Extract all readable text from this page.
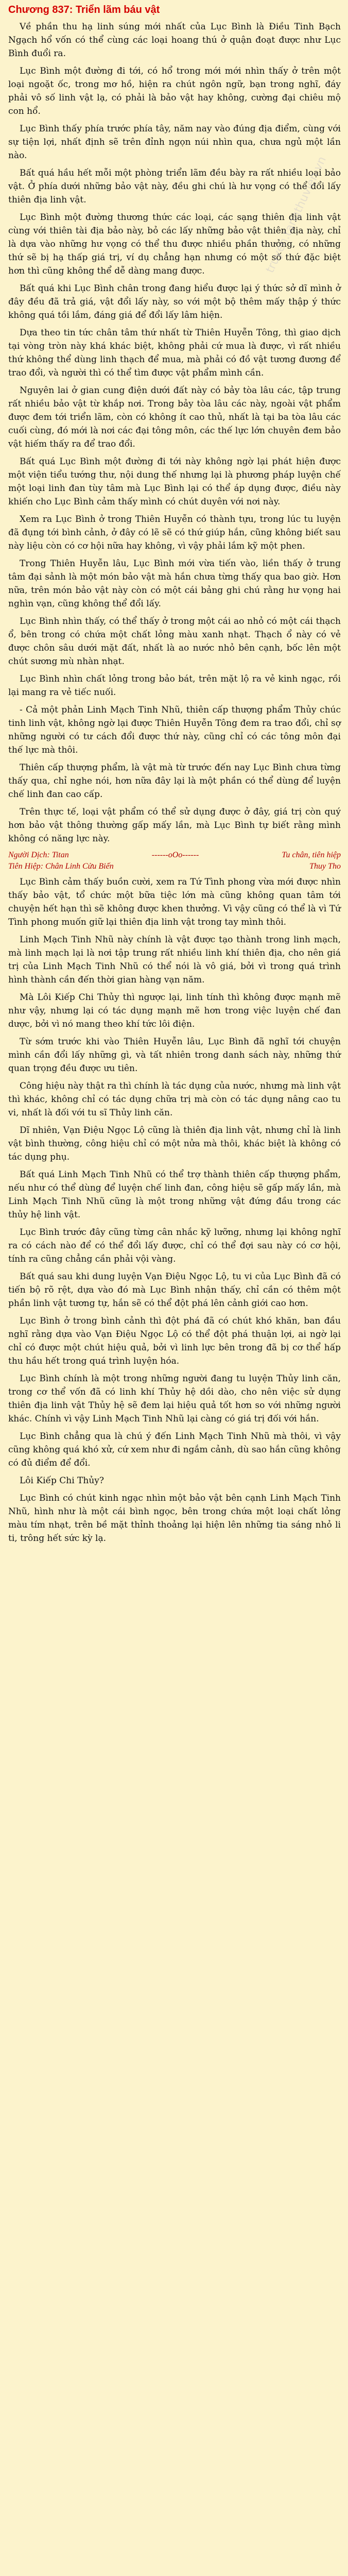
Chương 837: Triển lãm báu vật

Về phần thu hạ linh súng mới nhất của Lục Bình là Điều Tinh Bạch Ngạch hổ vốn có thể cùng các loại hoang thú ở quận đoạt được như Lục Bình đuổi ra.

Lục Bình một đường đi tới, có hổ trong mới mới nhìn thấy ở trên một loại ngoặt ốc, trong mơ hồ, hiện ra chút ngôn ngữ, bạn trong nghĩ, đáy phải vô số linh vật lạ, có phải là bảo vật hay không, cường đại chiêu mộ con hổ.

Lục Bình thấy phía trước phía tây, năm nay vào đúng địa điểm, cùng với sự tiện lợi, nhất định sẽ trên đỉnh ngọn núi nhìn qua, chưa ngủ một lần nào.

Bất quá hầu hết mỗi một phòng triển lãm đều bày ra rất nhiều loại bảo vật. Ở phía dưới những bảo vật này, đều ghi chú là hư vọng có thể đổi lấy thiên địa linh vật.

Lục Bình một đường thương thức các loại, các sạng thiên địa linh vật cùng với thiên tài địa bảo này, bỏ các lấy những bảo vật thiên địa này, chỉ là dựa vào những hư vọng có thể thu được nhiều phần thưởng, có những thứ sẽ bị hạ thấp giá trị, ví dụ chẳng hạn nhưng có một số thứ đặc biệt hơn thì cũng không thể dễ dàng mang được.

Bất quá khi Lục Bình chân trong đang hiểu được lại ý thức sở dĩ mình ở đây đều đã trả giá, vật đổi lấy này, so với một bộ thêm mấy thập ý thức không quá tồi lắm, đáng giá để đổi lấy lâm hiện.

Dựa theo tin tức chân tâm thứ nhất từ Thiên Huyễn Tông, thì giao dịch tại vòng tròn này khá khác biệt, không phải cứ mua là được, vì rất nhiều thứ không thể dùng linh thạch để mua, mà phải có đồ vật tương đương để trao đổi, và người thì có thể tìm được vật phẩm mình cần.

Nguyên lai ở gian cung điện dưới đất này có bảy tòa lâu các, tập trung rất nhiều bảo vật từ khắp nơi. Trong bảy tòa lâu các này, ngoài vật phẩm được đem tới triển lãm, còn có không ít cao thủ, nhất là tại ba tòa lâu các cuối cùng, đó mới là nơi các đại tông môn, các thế lực lớn chuyên đem bảo vật hiếm thấy ra để trao đổi.

Bất quá Lục Bình một đường đi tới này không ngờ lại phát hiện được một viện tiểu tướng thư, nội dung thế nhưng lại là phương pháp luyện chế một loại linh đan tùy tâm mà Lục Bình lại có thể áp dụng được, điều này khiến cho Lục Bình cảm thấy mình có chút duyên với nơi này.

Xem ra Lục Bình ở trong Thiên Huyễn có thành tựu, trong lúc tu luyện đã đụng tới bình cảnh, ở đây có lẽ sẽ có thứ giúp hắn, cũng không biết sau này liệu còn có cơ hội nữa hay không, vì vậy phải lắm kỹ một phen.

Trong Thiên Huyễn lâu, Lục Bình mới vừa tiến vào, liền thấy ở trung tâm đại sảnh là một món bảo vật mà hắn chưa từng thấy qua bao giờ. Hơn nữa, trên món bảo vật này còn có một cái bảng ghi chú rằng hư vọng hai nghìn vạn, cũng không thể đổi lấy.

Lục Bình nhìn thấy, có thể thấy ở trong một cái ao nhỏ có một cái thạch ổ, bên trong có chứa một chất lỏng màu xanh nhạt. Thạch ổ này có vẻ được chôn sâu dưới mặt đất, nhất là ao nước nhỏ bên cạnh, bốc lên một chút sương mù nhàn nhạt.

Lục Bình nhìn chất lỏng trong bảo bát, trên mặt lộ ra vẻ kinh ngạc, rồi lại mang ra vẻ tiếc nuối.

- Cả một phản Linh Mạch Tinh Nhũ, thiên cấp thượng phẩm Thủy chúc tinh linh vật, không ngờ lại được Thiên Huyễn Tông đem ra trao đổi, chỉ sợ những người có tư cách đổi được thứ này, cũng chỉ có các tông môn đại thế lực mà thôi.

Thiên cấp thượng phẩm, là vật mà từ trước đến nay Lục Bình chưa từng thấy qua, chỉ nghe nói, hơn nữa đây lại là một phần có thể dùng để luyện chế linh đan cao cấp.

Trên thực tế, loại vật phẩm có thể sử dụng được ở đây, giá trị còn quý hơn bảo vật thông thường gấp mấy lần, mà Lục Bình tự biết rằng mình không có năng lực này.

Người Dịch: Titan	------oOo------	Tu chân, tiên hiệp
Tiên Hiệp: Chân Linh Cửu Biến	Thuy Tho

Lục Bình cảm thấy buồn cười, xem ra Tứ Tình phong vừa mới được nhìn thấy bảo vật, tổ chức một bữa tiệc lớn mà cũng không quan tâm tới chuyện hết hạn thì sẽ không được khen thưởng. Vì vậy cũng có thể là vì Tứ Tình phong muốn giữ lại thiên địa linh vật trong tay mình thôi.

Linh Mạch Tinh Nhũ này chính là vật được tạo thành trong linh mạch, mà linh mạch lại là nơi tập trung rất nhiều linh khí thiên địa, cho nên giá trị của Linh Mạch Tinh Nhũ có thể nói là vô giá, bởi vì trong quá trình hình thành cần đến thời gian hàng vạn năm.

Mà Lôi Kiếp Chi Thủy thì ngược lại, linh tính thì không được mạnh mẽ như vậy, nhưng lại có tác dụng mạnh mẽ hơn trong việc luyện chế đan dược, bởi vì nó mang theo khí tức lôi điện.

Từ sớm trước khi vào Thiên Huyễn lâu, Lục Bình đã nghĩ tới chuyện mình cần đổi lấy những gì, và tất nhiên trong danh sách này, những thứ quan trọng đều được ưu tiên.

Công hiệu này thật ra thì chính là tác dụng của nước, nhưng mà linh vật thì khác, không chỉ có tác dụng chữa trị mà còn có tác dụng nâng cao tu vi, nhất là đối với tu sĩ Thủy linh căn.

Dĩ nhiên, Vạn Điệu Ngọc Lộ cũng là thiên địa linh vật, nhưng chỉ là linh vật bình thường, công hiệu chỉ có một nửa mà thôi, khác biệt là không có tác dụng phụ.

Bất quá Linh Mạch Tinh Nhũ có thể trợ thành thiên cấp thượng phẩm, nếu như có thể dùng để luyện chế linh đan, công hiệu sẽ gấp mấy lần, mà Linh Mạch Tinh Nhũ cũng là một trong những vật đứng đầu trong các thủy hệ linh vật.

Lục Bình trước đây cũng từng cân nhắc kỹ lưỡng, nhưng lại không nghĩ ra có cách nào để có thể đổi lấy được, chỉ có thể đợi sau này có cơ hội, tính ra cũng chẳng cần phải vội vàng.

Bất quá sau khi dung luyện Vạn Điệu Ngọc Lộ, tu vi của Lục Bình đã có tiến bộ rõ rệt, dựa vào đó mà Lục Bình nhận thấy, chỉ cần có thêm một phần linh vật tương tự, hắn sẽ có thể đột phá lên cảnh giới cao hơn.

Lục Bình ở trong bình cảnh thì đột phá đã có chút khó khăn, ban đầu nghĩ rằng dựa vào Vạn Điệu Ngọc Lộ có thể đột phá thuận lợi, ai ngờ lại chỉ có được một chút hiệu quả, bởi vì linh lực bên trong đã bị cơ thể hấp thu hầu hết trong quá trình luyện hóa.

Lục Bình chính là một trong những người đang tu luyện Thủy linh căn, trong cơ thể vốn đã có linh khí Thủy hệ dồi dào, cho nên việc sử dụng thiên địa linh vật Thủy hệ sẽ đem lại hiệu quả tốt hơn so với những người khác. Chính vì vậy Linh Mạch Tinh Nhũ lại càng có giá trị đối với hắn.

Lục Bình chẳng qua là chú ý đến Linh Mạch Tinh Nhũ mà thôi, vì vậy cũng không quá khó xử, cứ xem như đi ngắm cảnh, dù sao hắn cũng không có đủ điểm để đổi.

Lôi Kiếp Chi Thủy?

Lục Bình có chút kinh ngạc nhìn một bảo vật bên cạnh Linh Mạch Tinh Nhũ, hình như là một cái bình ngọc, bên trong chứa một loại chất lỏng màu tím nhạt, trên bề mặt thỉnh thoảng lại hiện lên những tia sáng nhỏ li ti, trông hết sức kỳ lạ.

truyen.tangthuvien.vn
